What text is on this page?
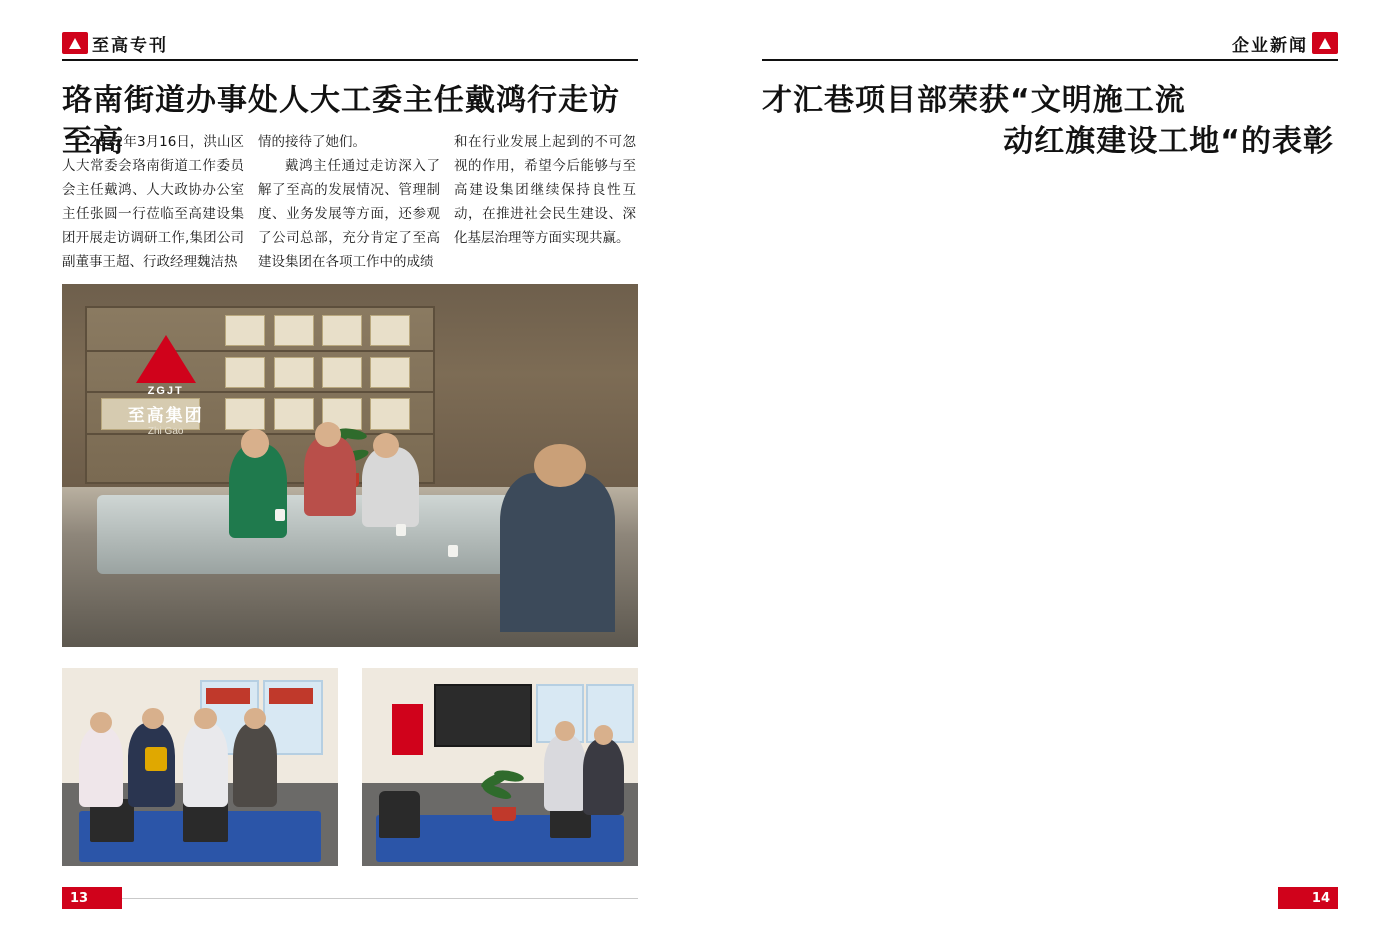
至高专刊
珞南街道办事处人大工委主任戴鸿行走访至高

2022年3月16日，洪山区人大常委会珞南街道工作委员会主任戴鸿、人大政协办公室主任张圆一行莅临至高建设集团开展走访调研工作,集团公司副董事王超、行政经理魏洁热

情的接待了她们。

戴鸿主任通过走访深入了解了至高的发展情况、管理制度、业务发展等方面，还参观了公司总部，充分肯定了至高建设集团在各项工作中的成绩

和在行业发展上起到的不可忽视的作用，希望今后能够与至高建设集团继续保持良性互动，在推进社会民生建设、深化基层治理等方面实现共赢。

ZGJT
至高集团
Zhi Gao
13
企业新闻
才汇巷项目部荣获“文明施工流
动红旗建设工地“的表彰

14
